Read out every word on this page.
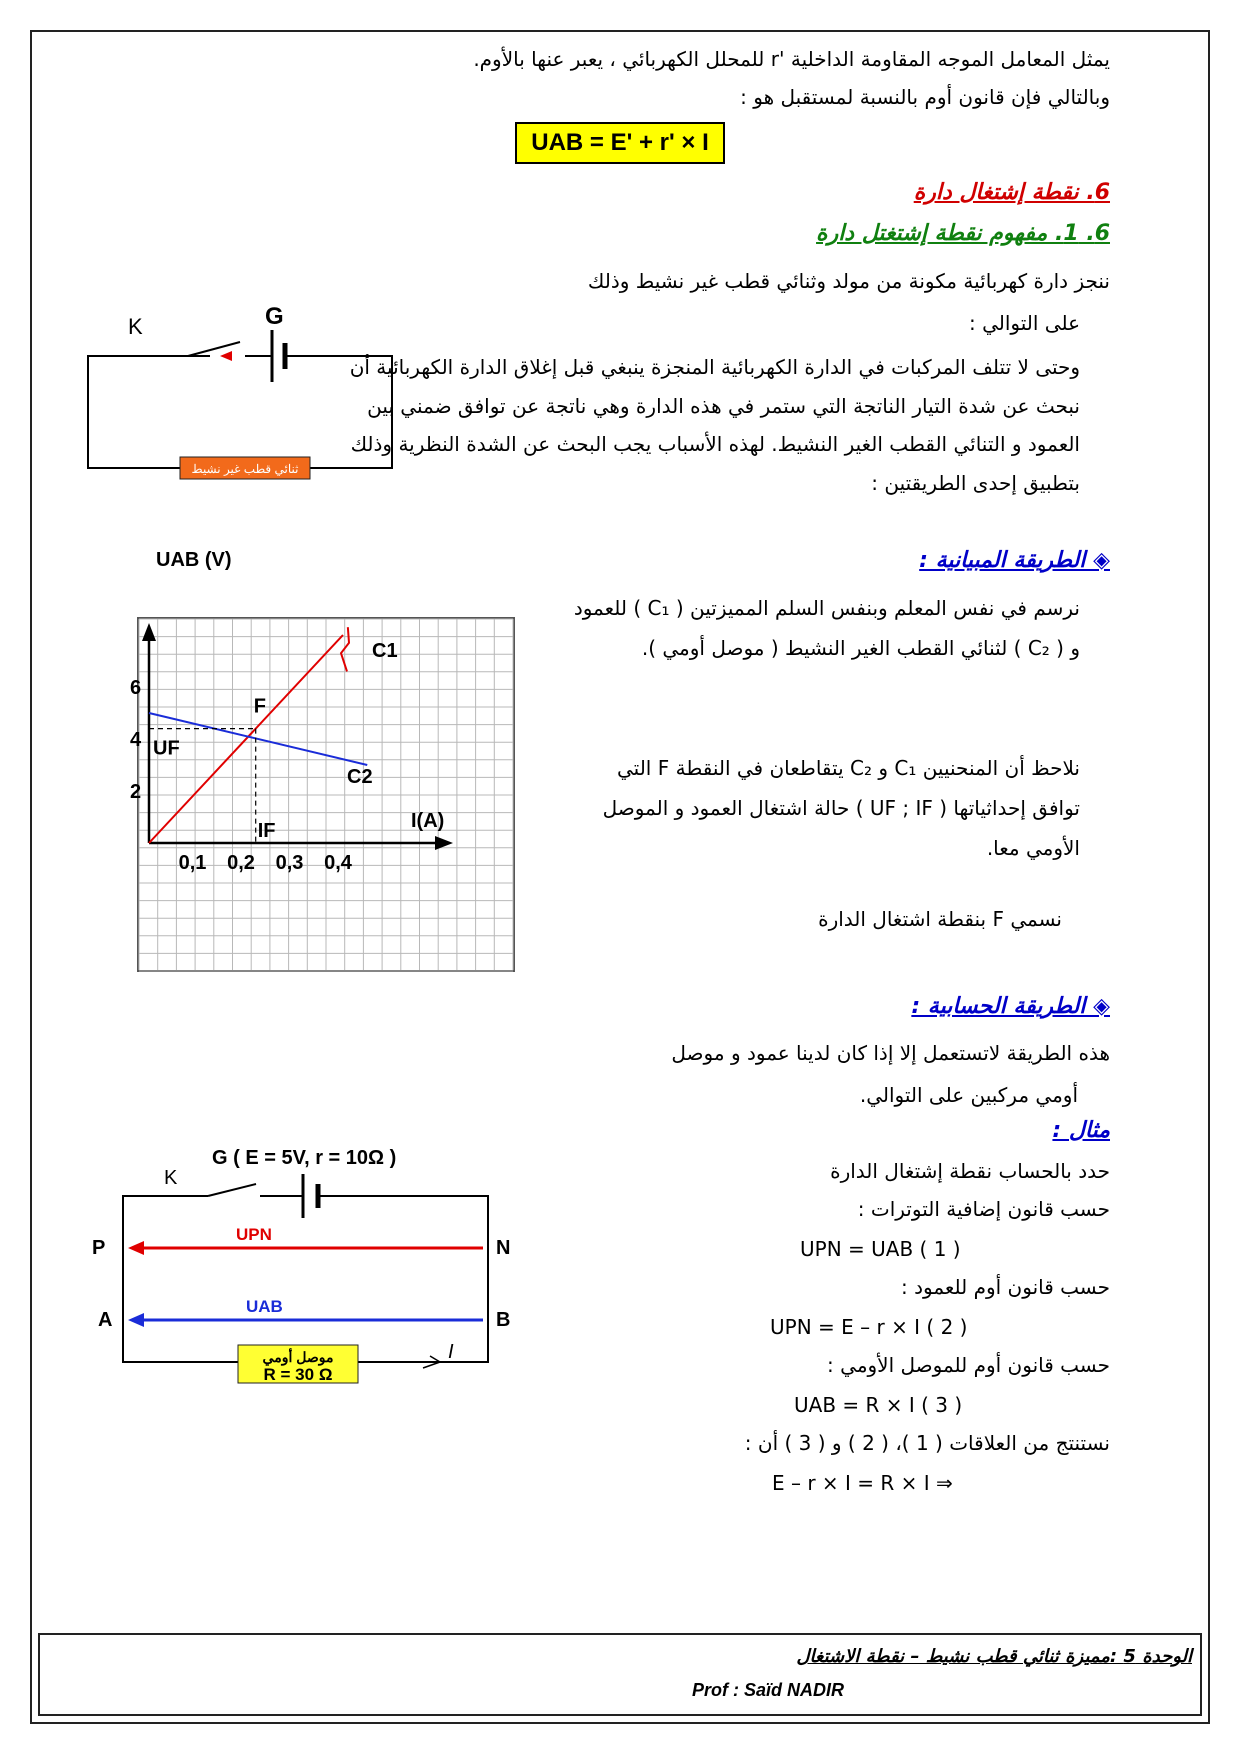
يمثل المعامل الموجه المقاومة الداخلية 'r للمحلل الكهربائي ، يعبر عنها بالأوم.
وبالتالي فإن قانون أوم بالنسبة لمستقبل هو :
UAB = E' + r' × I
6. نقطة إشتغال دارة
6. 1. مفهوم نقطة إشتغتل دارة
ننجز دارة كهربائية مكونة من مولد وثنائي قطب غير نشيط وذلك
على التوالي :
وحتى لا تتلف المركبات في الدارة الكهربائية المنجزة ينبغي قبل إغلاق الدارة الكهربائية أن نبحث عن شدة التيار الناتجة التي ستمر في هذه الدارة وهي ناتجة عن توافق ضمني بين العمود و التنائي القطب الغير النشيط. لهذه الأسباب يجب البحث عن الشدة النظرية وذلك بتطبيق إحدى الطريقتين :
K	G
ثنائي قطب غير نشيط
◈ الطريقة المبيانية :
نرسم في نفس المعلم وبنفس السلم المميزتين ( C₁ ) للعمود و ( C₂ ) لثنائي القطب الغير النشيط ( موصل أومي ).
نلاحظ أن المنحنيين C₁ و C₂ يتقاطعان في النقطة F التي توافق إحداثياتها ( UF ; IF ) حالة اشتغال العمود و الموصل الأومي معا.
نسمي F بنقطة اشتغال الدارة
0,1 0,2 0,3 0,4
2
4
6
UAB (V)
I(A)
F
UF
IF
C1
C2
◈ الطريقة الحسابية :
هذه الطريقة لاتستعمل إلا إذا كان لدينا عمود و موصل
أومي مركبين على التوالي.
مثال :
حدد بالحساب نقطة إشتغال الدارة
حسب قانون إضافية التوترات :
UPN = UAB ( 1 )
حسب قانون أوم للعمود :
UPN = E – r × I ( 2 )
حسب قانون أوم للموصل الأومي :
UAB = R × I ( 3 )
نستنتج من العلاقات ( 1 )، ( 2 ) و ( 3 ) أن :
E – r × I = R × I ⇒
G ( E = 5V, r = 10Ω )
K
UPN
UAB
P	N
A	B
موصل أومي
R = 30 Ω
I
الوحدة 5 :مميزة ثنائي قطب نشيط – نقطة الاشتغال
Prof : Saïd NADIR
